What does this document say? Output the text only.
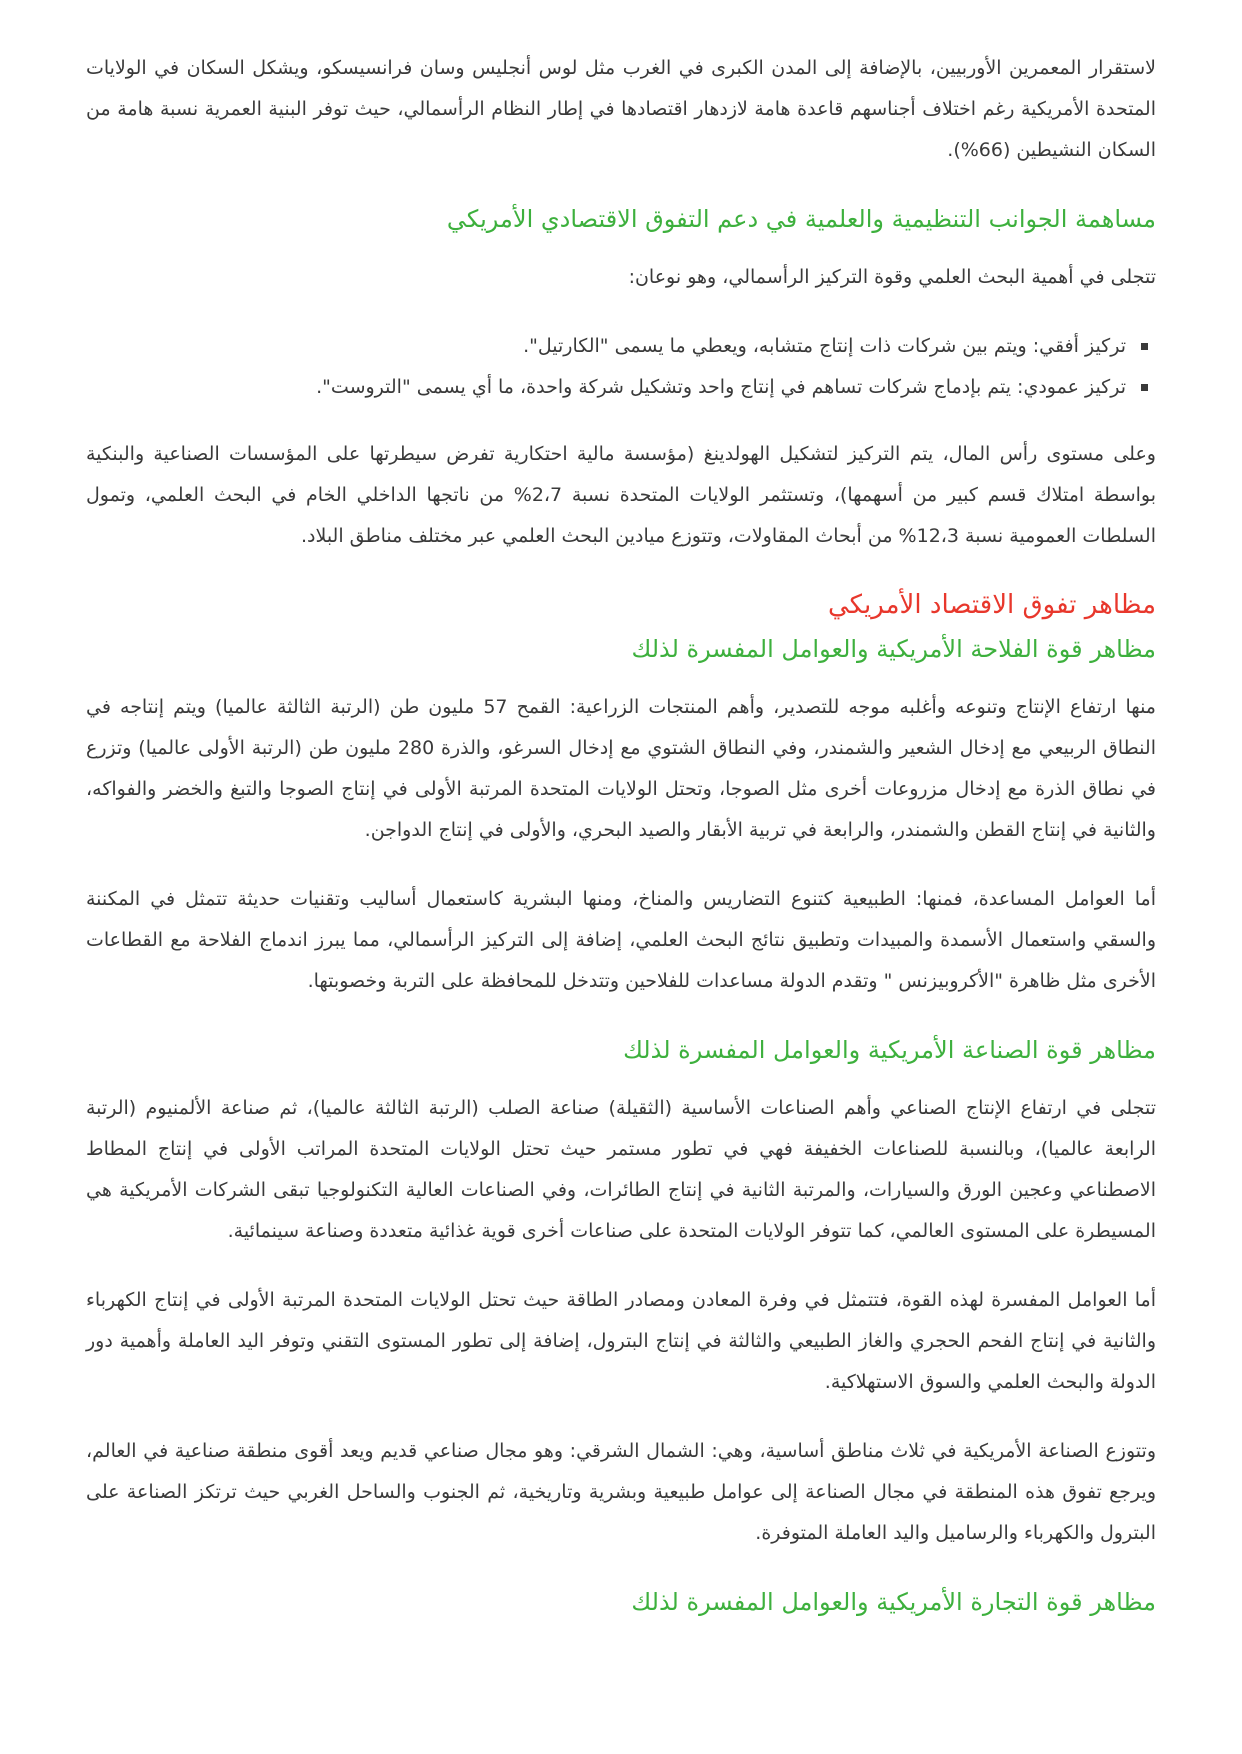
لاستقرار المعمرين الأوربيين، بالإضافة إلى المدن الكبرى في الغرب مثل لوس أنجليس وسان فرانسيسكو، ويشكل السكان في الولايات المتحدة الأمريكية رغم اختلاف أجناسهم قاعدة هامة لازدهار اقتصادها في إطار النظام الرأسمالي، حيث توفر البنية العمرية نسبة هامة من السكان النشيطين (66%).

مساهمة الجوانب التنظيمية والعلمية في دعم التفوق الاقتصادي الأمريكي

تتجلى في أهمية البحث العلمي وقوة التركيز الرأسمالي، وهو نوعان:

تركيز أفقي: ويتم بين شركات ذات إنتاج متشابه، ويعطي ما يسمى "الكارتيل".
تركيز عمودي: يتم بإدماج شركات تساهم في إنتاج واحد وتشكيل شركة واحدة، ما أي يسمى "التروست".

وعلى مستوى رأس المال، يتم التركيز لتشكيل الهولدينغ (مؤسسة مالية احتكارية تفرض سيطرتها على المؤسسات الصناعية والبنكية بواسطة امتلاك قسم كبير من أسهمها)، وتستثمر الولايات المتحدة نسبة 2،7% من ناتجها الداخلي الخام في البحث العلمي، وتمول السلطات العمومية نسبة 12،3% من أبحاث المقاولات، وتتوزع ميادين البحث العلمي عبر مختلف مناطق البلاد.

مظاهر تفوق الاقتصاد الأمريكي
مظاهر قوة الفلاحة الأمريكية والعوامل المفسرة لذلك

منها ارتفاع الإنتاج وتنوعه وأغلبه موجه للتصدير، وأهم المنتجات الزراعية: القمح 57 مليون طن (الرتبة الثالثة عالميا) ويتم إنتاجه في النطاق الربيعي مع إدخال الشعير والشمندر، وفي النطاق الشتوي مع إدخال السرغو، والذرة 280 مليون طن (الرتبة الأولى عالميا) وتزرع في نطاق الذرة مع إدخال مزروعات أخرى مثل الصوجا، وتحتل الولايات المتحدة المرتبة الأولى في إنتاج الصوجا والتبغ والخضر والفواكه، والثانية في إنتاج القطن والشمندر، والرابعة في تربية الأبقار والصيد البحري، والأولى في إنتاج الدواجن.

أما العوامل المساعدة، فمنها: الطبيعية كتنوع التضاريس والمناخ، ومنها البشرية كاستعمال أساليب وتقنيات حديثة تتمثل في المكننة والسقي واستعمال الأسمدة والمبيدات وتطبيق نتائج البحث العلمي، إضافة إلى التركيز الرأسمالي، مما يبرز اندماج الفلاحة مع القطاعات الأخرى مثل ظاهرة "الأكروبيزنس " وتقدم الدولة مساعدات للفلاحين وتتدخل للمحافظة على التربة وخصوبتها.

مظاهر قوة الصناعة الأمريكية والعوامل المفسرة لذلك

تتجلى في ارتفاع الإنتاج الصناعي وأهم الصناعات الأساسية (الثقيلة) صناعة الصلب (الرتبة الثالثة عالميا)، ثم صناعة الألمنيوم (الرتبة الرابعة عالميا)، وبالنسبة للصناعات الخفيفة فهي في تطور مستمر حيث تحتل الولايات المتحدة المراتب الأولى في إنتاج المطاط الاصطناعي وعجين الورق والسيارات، والمرتبة الثانية في إنتاج الطائرات، وفي الصناعات العالية التكنولوجيا تبقى الشركات الأمريكية هي المسيطرة على المستوى العالمي، كما تتوفر الولايات المتحدة على صناعات أخرى قوية غذائية متعددة وصناعة سينمائية.

أما العوامل المفسرة لهذه القوة، فتتمثل في وفرة المعادن ومصادر الطاقة حيث تحتل الولايات المتحدة المرتبة الأولى في إنتاج الكهرباء والثانية في إنتاج الفحم الحجري والغاز الطبيعي والثالثة في إنتاج البترول، إضافة إلى تطور المستوى التقني وتوفر اليد العاملة وأهمية دور الدولة والبحث العلمي والسوق الاستهلاكية.

وتتوزع الصناعة الأمريكية في ثلاث مناطق أساسية، وهي: الشمال الشرقي: وهو مجال صناعي قديم ويعد أقوى منطقة صناعية في العالم، ويرجع تفوق هذه المنطقة في مجال الصناعة إلى عوامل طبيعية وبشرية وتاريخية، ثم الجنوب والساحل الغربي حيث ترتكز الصناعة على البترول والكهرباء والرساميل واليد العاملة المتوفرة.

مظاهر قوة التجارة الأمريكية والعوامل المفسرة لذلك
